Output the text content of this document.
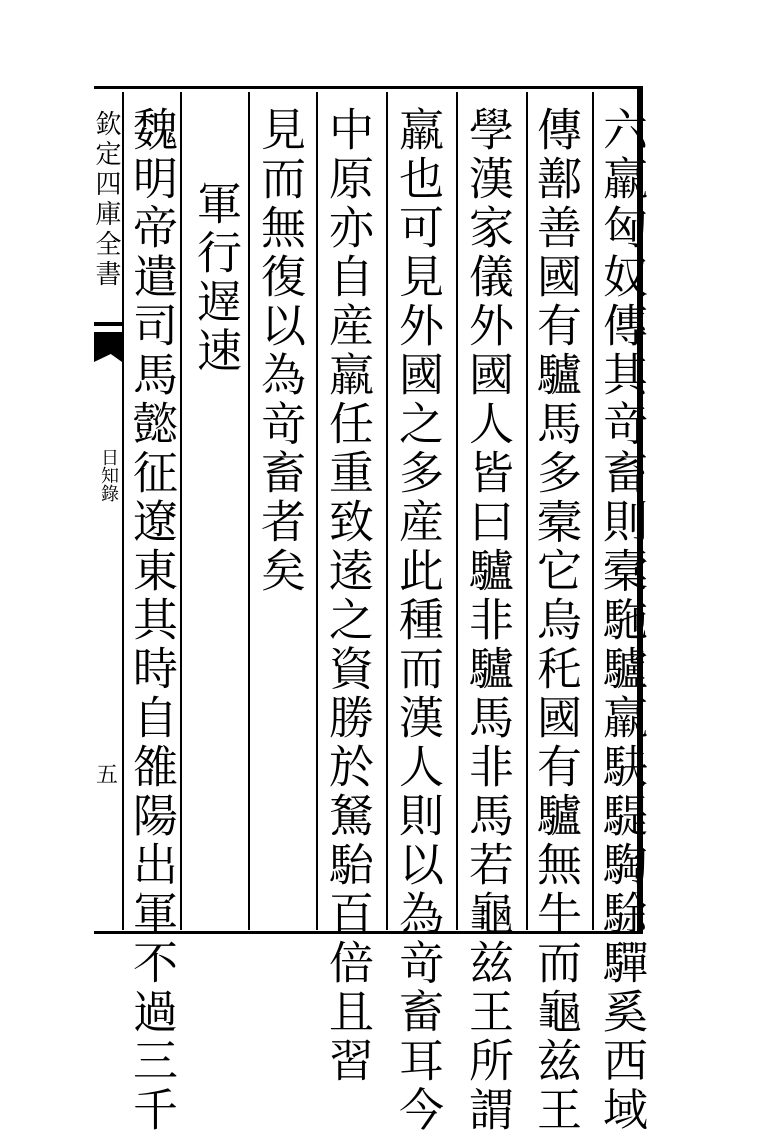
欽定四庫全書
日知錄
五	六羸匈奴傳其竒畜則槖駞驢羸駃騠騊駼驒奚西域
傳鄯善國有驢馬多槖它烏秅國有驢無牛而龜兹王
學漢家儀外國人皆曰驢非驢馬非馬若龜兹王所謂
羸也可見外國之多産此種而漢人則以為竒畜耳今
中原亦自産羸任重致逺之資勝於駑駘百倍且習
見而無復以為竒畜者矣
軍行遟速
魏明帝遣司馬懿征遼東其時自雒陽出軍不過三千
